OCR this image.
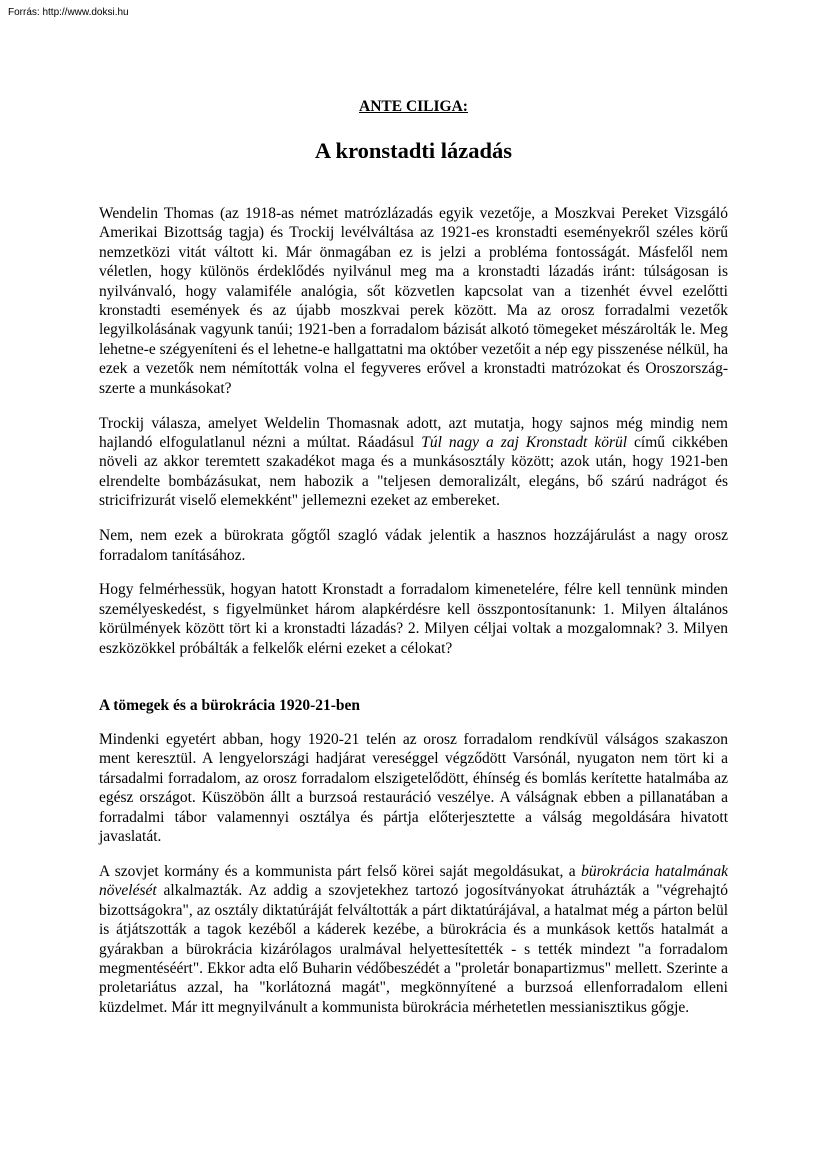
Forrás: http://www.doksi.hu
ANTE CILIGA:
A kronstadti lázadás

Wendelin Thomas (az 1918-as német matrózlázadás egyik vezetője, a Moszkvai Pereket Vizsgáló Amerikai Bizottság tagja) és Trockij levélváltása az 1921-es kronstadti eseményekről széles körű nemzetközi vitát váltott ki. Már önmagában ez is jelzi a probléma fontosságát. Másfelől nem véletlen, hogy különös érdeklődés nyilvánul meg ma a kronstadti lázadás iránt: túlságosan is nyilvánvaló, hogy valamiféle analógia, sőt közvetlen kapcsolat van a tizenhét évvel ezelőtti kronstadti események és az újabb moszkvai perek között. Ma az orosz forradalmi vezetők legyilkolásának vagyunk tanúi; 1921-ben a forradalom bázisát alkotó tömegeket mészárolták le. Meg lehetne-e szégyeníteni és el lehetne-e hallgattatni ma október vezetőit a nép egy pisszenése nélkül, ha ezek a vezetők nem némították volna el fegyveres erővel a kronstadti matrózokat és Oroszország-szerte a munkásokat?

Trockij válasza, amelyet Weldelin Thomasnak adott, azt mutatja, hogy sajnos még mindig nem hajlandó elfogulatlanul nézni a múltat. Ráadásul Túl nagy a zaj Kronstadt körül című cikkében növeli az akkor teremtett szakadékot maga és a munkásosztály között; azok után, hogy 1921-ben elrendelte bombázásukat, nem habozik a "teljesen demoralizált, elegáns, bő szárú nadrágot és stricifrizurát viselő elemekként" jellemezni ezeket az embereket.

Nem, nem ezek a bürokrata gőgtől szagló vádak jelentik a hasznos hozzájárulást a nagy orosz forradalom tanításához.

Hogy felmérhessük, hogyan hatott Kronstadt a forradalom kimenetelére, félre kell tennünk minden személyeskedést, s figyelmünket három alapkérdésre kell összpontosítanunk: 1. Milyen általános körülmények között tört ki a kronstadti lázadás? 2. Milyen céljai voltak a mozgalomnak? 3. Milyen eszközökkel próbálták a felkelők elérni ezeket a célokat?

A tömegek és a bürokrácia 1920-21-ben

Mindenki egyetért abban, hogy 1920-21 telén az orosz forradalom rendkívül válságos szakaszon ment keresztül. A lengyelországi hadjárat vereséggel végződött Varsónál, nyugaton nem tört ki a társadalmi forradalom, az orosz forradalom elszigetelődött, éhínség és bomlás kerítette hatalmába az egész országot. Küszöbön állt a burzsoá restauráció veszélye. A válságnak ebben a pillanatában a forradalmi tábor valamennyi osztálya és pártja előterjesztette a válság megoldására hivatott javaslatát.

A szovjet kormány és a kommunista párt felső körei saját megoldásukat, a bürokrácia hatalmának növelését alkalmazták. Az addig a szovjetekhez tartozó jogosítványokat átruházták a "végrehajtó bizottságokra", az osztály diktatúráját felváltották a párt diktatúrájával, a hatalmat még a párton belül is átjátszották a tagok kezéből a káderek kezébe, a bürokrácia és a munkások kettős hatalmát a gyárakban a bürokrácia kizárólagos uralmával helyettesítették - s tették mindezt "a forradalom megmentéséért". Ekkor adta elő Buharin védőbeszédét a "proletár bonapartizmus" mellett. Szerinte a proletariátus azzal, ha "korlátozná magát", megkönnyítené a burzsoá ellenforradalom elleni küzdelmet. Már itt megnyilvánult a kommunista bürokrácia mérhetetlen messianisztikus gőgje.
